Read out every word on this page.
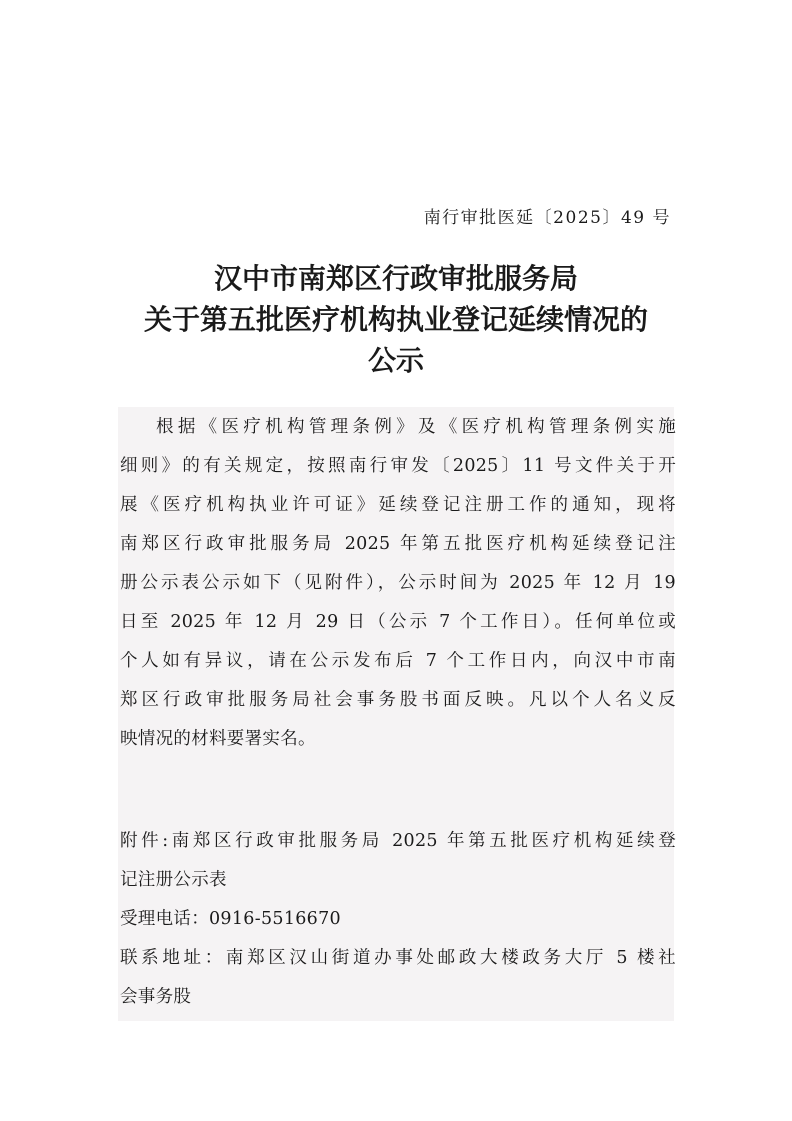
南行审批医延〔2025〕49 号
汉中市南郑区行政审批服务局
关于第五批医疗机构执业登记延续情况的
公示
根据《医疗机构管理条例》及《医疗机构管理条例实施
细则》的有关规定，按照南行审发〔2025〕11 号文件关于开
展《医疗机构执业许可证》延续登记注册工作的通知，现将
南郑区行政审批服务局 2025 年第五批医疗机构延续登记注
册公示表公示如下（见附件），公示时间为 2025 年 12 月 19
日至 2025 年 12 月 29 日（公示 7 个工作日）。任何单位或
个人如有异议，请在公示发布后 7 个工作日内，向汉中市南
郑区行政审批服务局社会事务股书面反映。凡以个人名义反
映情况的材料要署实名。
附件:南郑区行政审批服务局 2025 年第五批医疗机构延续登
记注册公示表
受理电话：0916-5516670
联系地址：南郑区汉山街道办事处邮政大楼政务大厅 5 楼社
会事务股
